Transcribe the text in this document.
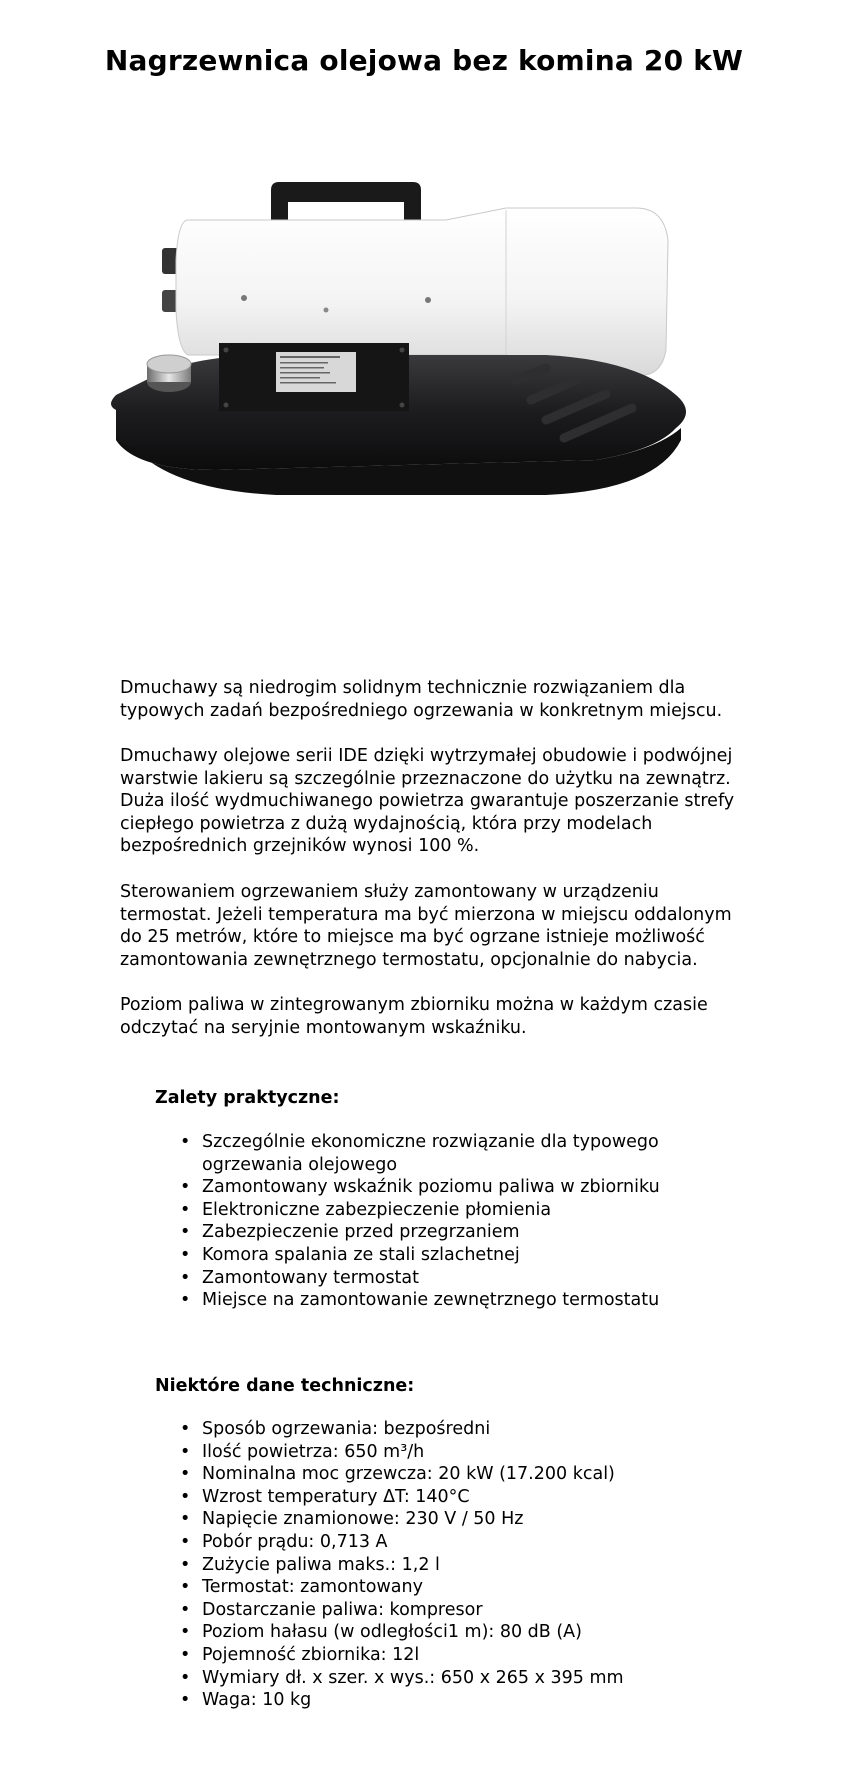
Nagrzewnica olejowa bez komina 20 kW

Dmuchawy są niedrogim solidnym technicznie rozwiązaniem dla typowych zadań bezpośredniego ogrzewania w konkretnym miejscu.

Dmuchawy olejowe serii IDE dzięki wytrzymałej obudowie i podwójnej warstwie lakieru są szczególnie przeznaczone do użytku na zewnątrz. Duża ilość wydmuchiwanego powietrza gwarantuje poszerzanie strefy ciepłego powietrza z dużą wydajnością, która przy modelach bezpośrednich grzejników wynosi 100 %.

Sterowaniem ogrzewaniem służy zamontowany w urządzeniu termostat. Jeżeli temperatura ma być mierzona w miejscu oddalonym do 25 metrów, które to miejsce ma być ogrzane istnieje możliwość zamontowania zewnętrznego termostatu, opcjonalnie do nabycia.

Poziom paliwa w zintegrowanym zbiorniku można w każdym czasie odczytać na seryjnie montowanym wskaźniku.

Zalety praktyczne:
• Szczególnie ekonomiczne rozwiązanie dla typowego ogrzewania olejowego
• Zamontowany wskaźnik poziomu paliwa w zbiorniku
• Elektroniczne zabezpieczenie płomienia
• Zabezpieczenie przed przegrzaniem
• Komora spalania ze stali szlachetnej
• Zamontowany termostat
• Miejsce na zamontowanie zewnętrznego termostatu
Niektóre dane techniczne:
• Sposób ogrzewania: bezpośredni
• Ilość powietrza: 650 m³/h
• Nominalna moc grzewcza: 20 kW (17.200 kcal)
• Wzrost temperatury ΔT: 140°C
• Napięcie znamionowe: 230 V / 50 Hz
• Pobór prądu: 0,713 A
• Zużycie paliwa maks.: 1,2 l
• Termostat: zamontowany
• Dostarczanie paliwa: kompresor
• Poziom hałasu (w odległości1 m): 80 dB (A)
• Pojemność zbiornika: 12l
• Wymiary dł. x szer. x wys.: 650 x 265 x 395 mm
• Waga: 10 kg
